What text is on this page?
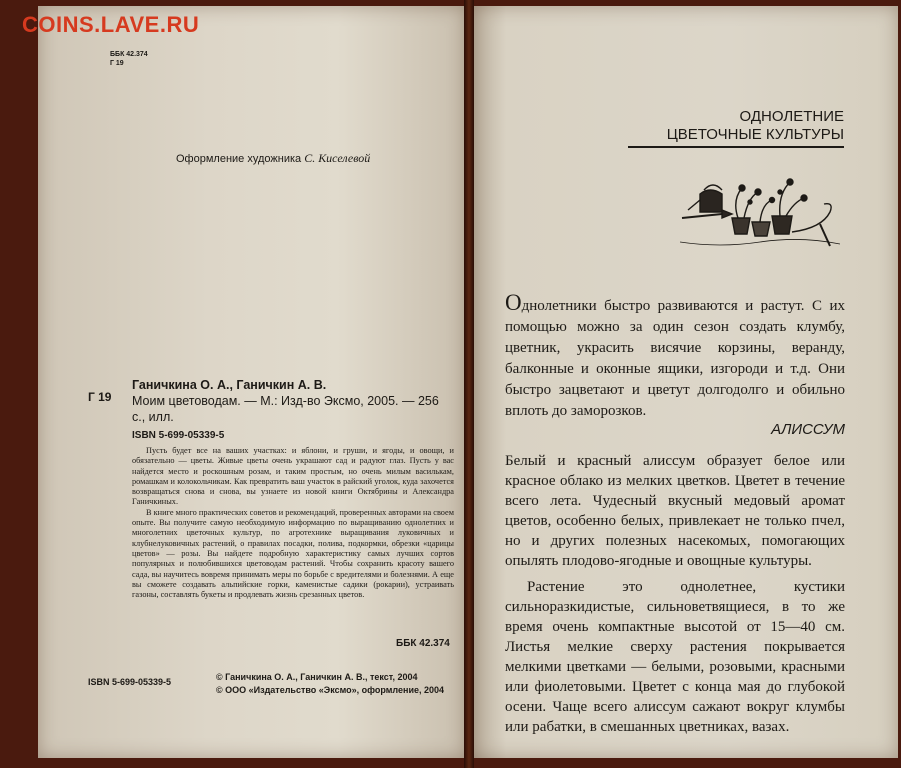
COINS.LAVE.RU
ББК 42.374
Г 19
Оформление художника С. Киселевой
Г 19
Ганичкина О. А., Ганичкин А. В.
Моим цветоводам. — М.: Изд-во Эксмо, 2005. — 256 с., илл.
ISBN 5-699-05339-5

Пусть будет все на ваших участках: и яблони, и груши, и ягоды, и овощи, и обязательно — цветы. Живые цветы очень украшают сад и радуют глаз. Пусть у вас найдется место и роскошным розам, и таким простым, но очень милым василькам, ромашкам и колокольчикам. Как превратить ваш участок в райский уголок, куда захочется возвращаться снова и снова, вы узнаете из новой книги Октябрины и Александра Ганичкиных.

В книге много практических советов и рекомендаций, проверенных авторами на своем опыте. Вы получите самую необходимую информацию по выращиванию однолетних и многолетних цветочных культур, по агротехнике выращивания луковичных и клубнелуковичных растений, о правилах посадки, полива, подкормки, обрезки «царицы цветов» — розы. Вы найдете подробную характеристику самых лучших сортов популярных и полюбившихся цветоводам растений. Чтобы сохранить красоту вашего сада, вы научитесь вовремя принимать меры по борьбе с вредителями и болезнями. А еще вы сможете создавать альпийские горки, каменистые садики (рокарии), устраивать газоны, составлять букеты и продлевать жизнь срезанных цветов.

ББК 42.374
ISBN 5-699-05339-5	© Ганичкина О. А., Ганичкин А. В., текст, 2004
© ООО «Издательство «Эксмо», оформление, 2004
ОДНОЛЕТНИЕ
ЦВЕТОЧНЫЕ КУЛЬТУРЫ
Однолетники быстро развиваются и растут. С их помощью можно за один сезон создать клумбу, цветник, украсить висячие корзины, веранду, балконные и оконные ящики, изгороди и т.д. Они быстро зацветают и цветут долгодолго и обильно вплоть до заморозков.
АЛИССУМ

Белый и красный алиссум образует белое или красное облако из мелких цветков. Цветет в течение всего лета. Чудесный вкусный медовый аромат цветов, особенно белых, привлекает не только пчел, но и других полезных насекомых, помогающих опылять плодово-ягодные и овощные культуры.

Растение это однолетнее, кустики сильноразкидистые, сильноветвящиеся, в то же время очень компактные высотой от 15—40 см. Листья мелкие сверху растения покрывается мелкими цветками — белыми, розовыми, красными или фиолетовыми. Цветет с конца мая до глубокой осени. Чаще всего алиссум сажают вокруг клумбы или рабатки, в смешанных цветниках, вазах.
